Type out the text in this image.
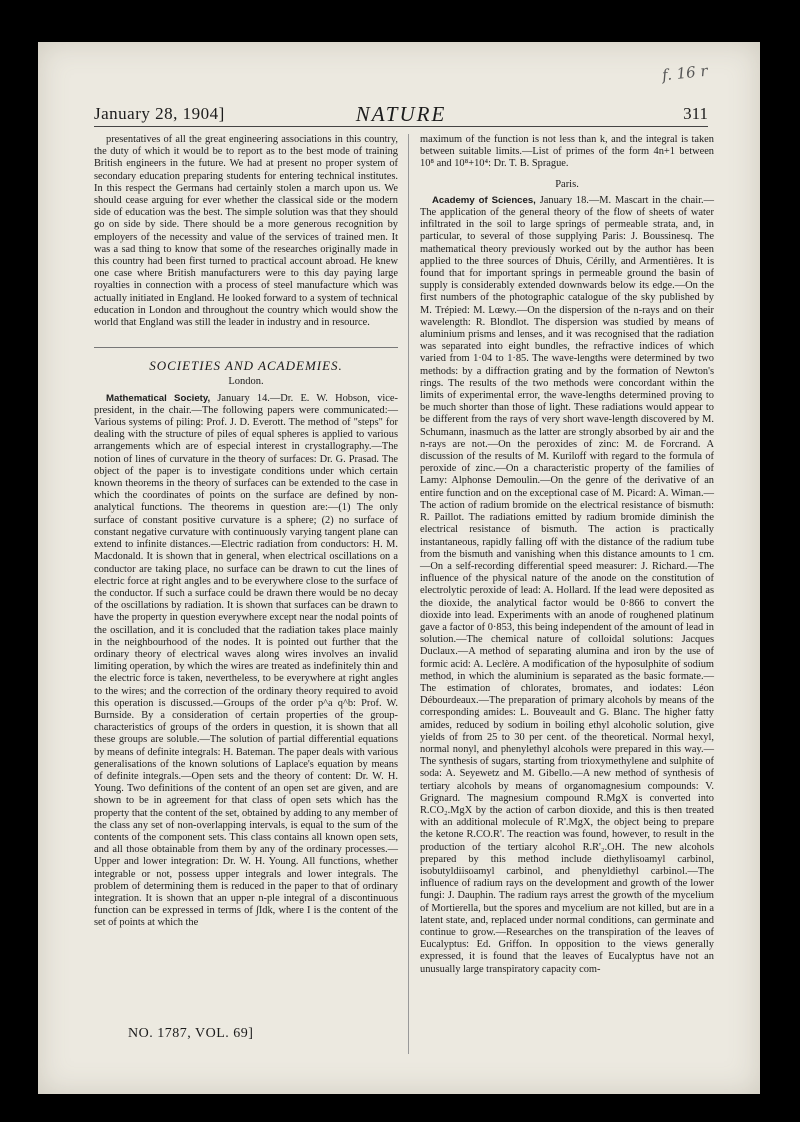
f. 16 r
January 28, 1904]	NATURE	311

presentatives of all the great engineering associations in this country, the duty of which it would be to report as to the best mode of training British engineers in the future. We had at present no proper system of secondary education preparing students for entering technical institutes. In this respect the Germans had certainly stolen a march upon us. We should cease arguing for ever whether the classical side or the modern side of education was the best. The simple solution was that they should go on side by side. There should be a more generous recognition by employers of the necessity and value of the services of trained men. It was a sad thing to know that some of the researches originally made in this country had been first turned to practical account abroad. He knew one case where British manufacturers were to this day paying large royalties in connection with a process of steel manufacture which was actually initiated in England. He looked forward to a system of technical education in London and throughout the country which would show the world that England was still the leader in industry and in resource.

SOCIETIES AND ACADEMIES.
London.

Mathematical Society, January 14.—Dr. E. W. Hobson, vice-president, in the chair.—The following papers were communicated:—Various systems of piling: Prof. J. D. Everott. The method of "steps" for dealing with the structure of piles of equal spheres is applied to various arrangements which are of especial interest in crystallography.—The notion of lines of curvature in the theory of surfaces: Dr. G. Prasad. The object of the paper is to investigate conditions under which certain known theorems in the theory of surfaces can be extended to the case in which the coordinates of points on the surface are defined by non-analytical functions. The theorems in question are:—(1) The only surface of constant positive curvature is a sphere; (2) no surface of constant negative curvature with continuously varying tangent plane can extend to infinite distances.—Electric radiation from conductors: H. M. Macdonald. It is shown that in general, when electrical oscillations on a conductor are taking place, no surface can be drawn to cut the lines of electric force at right angles and to be everywhere close to the surface of the conductor. If such a surface could be drawn there would be no decay of the oscillations by radiation. It is shown that surfaces can be drawn to have the property in question everywhere except near the nodal points of the oscillation, and it is concluded that the radiation takes place mainly in the neighbourhood of the nodes. It is pointed out further that the ordinary theory of electrical waves along wires involves an invalid limiting operation, by which the wires are treated as indefinitely thin and the electric force is taken, nevertheless, to be everywhere at right angles to the wires; and the correction of the ordinary theory required to avoid this operation is discussed.—Groups of the order p^a q^b: Prof. W. Burnside. By a consideration of certain properties of the group-characteristics of groups of the orders in question, it is shown that all these groups are soluble.—The solution of partial differential equations by means of definite integrals: H. Bateman. The paper deals with various generalisations of the known solutions of Laplace's equation by means of definite integrals.—Open sets and the theory of content: Dr. W. H. Young. Two definitions of the content of an open set are given, and are shown to be in agreement for that class of open sets which has the property that the content of the set, obtained by adding to any member of the class any set of non-overlapping intervals, is equal to the sum of the contents of the component sets. This class contains all known open sets, and all those obtainable from them by any of the ordinary processes.—Upper and lower integration: Dr. W. H. Young. All functions, whether integrable or not, possess upper integrals and lower integrals. The problem of determining them is reduced in the paper to that of ordinary integration. It is shown that an upper n-ple integral of a discontinuous function can be expressed in terms of ∫Idk, where I is the content of the set of points at which the

maximum of the function is not less than k, and the integral is taken between suitable limits.—List of primes of the form 4n+1 between 10⁸ and 10⁸+10⁴: Dr. T. B. Sprague.

Paris.

Academy of Sciences, January 18.—M. Mascart in the chair.—The application of the general theory of the flow of sheets of water infiltrated in the soil to large springs of permeable strata, and, in particular, to several of those supplying Paris: J. Boussinesq. The mathematical theory previously worked out by the author has been applied to the three sources of Dhuis, Cérilly, and Armentières. It is found that for important springs in permeable ground the basin of supply is considerably extended downwards below its edge.—On the first numbers of the photographic catalogue of the sky published by M. Trépied: M. Lœwy.—On the dispersion of the n-rays and on their wavelength: R. Blondlot. The dispersion was studied by means of aluminium prisms and lenses, and it was recognised that the radiation was separated into eight bundles, the refractive indices of which varied from 1·04 to 1·85. The wave-lengths were determined by two methods: by a diffraction grating and by the formation of Newton's rings. The results of the two methods were concordant within the limits of experimental error, the wave-lengths determined proving to be much shorter than those of light. These radiations would appear to be different from the rays of very short wave-length discovered by M. Schumann, inasmuch as the latter are strongly absorbed by air and the n-rays are not.—On the peroxides of zinc: M. de Forcrand. A discussion of the results of M. Kuriloff with regard to the formula of peroxide of zinc.—On a characteristic property of the families of Lamy: Alphonse Demoulin.—On the genre of the derivative of an entire function and on the exceptional case of M. Picard: A. Wiman.—The action of radium bromide on the electrical resistance of bismuth: R. Paillot. The radiations emitted by radium bromide diminish the electrical resistance of bismuth. The action is practically instantaneous, rapidly falling off with the distance of the radium tube from the bismuth and vanishing when this distance amounts to 1 cm.—On a self-recording differential speed measurer: J. Richard.—The influence of the physical nature of the anode on the constitution of electrolytic peroxide of lead: A. Hollard. If the lead were deposited as the dioxide, the analytical factor would be 0·866 to convert the dioxide into lead. Experiments with an anode of roughened platinum gave a factor of 0·853, this being independent of the amount of lead in solution.—The chemical nature of colloidal solutions: Jacques Duclaux.—A method of separating alumina and iron by the use of formic acid: A. Leclère. A modification of the hyposulphite of sodium method, in which the aluminium is separated as the basic formate.—The estimation of chlorates, bromates, and iodates: Léon Débourdeaux.—The preparation of primary alcohols by means of the corresponding amides: L. Bouveault and G. Blanc. The higher fatty amides, reduced by sodium in boiling ethyl alcoholic solution, give yields of from 25 to 30 per cent. of the theoretical. Normal hexyl, normal nonyl, and phenylethyl alcohols were prepared in this way.—The synthesis of sugars, starting from trioxymethylene and sulphite of soda: A. Seyewetz and M. Gibello.—A new method of synthesis of tertiary alcohols by means of organomagnesium compounds: V. Grignard. The magnesium compound R.MgX is converted into R.CO₂.MgX by the action of carbon dioxide, and this is then treated with an additional molecule of R'.MgX, the object being to prepare the ketone R.CO.R'. The reaction was found, however, to result in the production of the tertiary alcohol R.R'₂.OH. The new alcohols prepared by this method include diethylisoamyl carbinol, isobutyldiisoamyl carbinol, and phenyldiethyl carbinol.—The influence of radium rays on the development and growth of the lower fungi: J. Dauphin. The radium rays arrest the growth of the mycelium of Mortierella, but the spores and mycelium are not killed, but are in a latent state, and, replaced under normal conditions, can germinate and continue to grow.—Researches on the transpiration of the leaves of Eucalyptus: Ed. Griffon. In opposition to the views generally expressed, it is found that the leaves of Eucalyptus have not an unusually large transpiratory capacity com-

NO. 1787, VOL. 69]
